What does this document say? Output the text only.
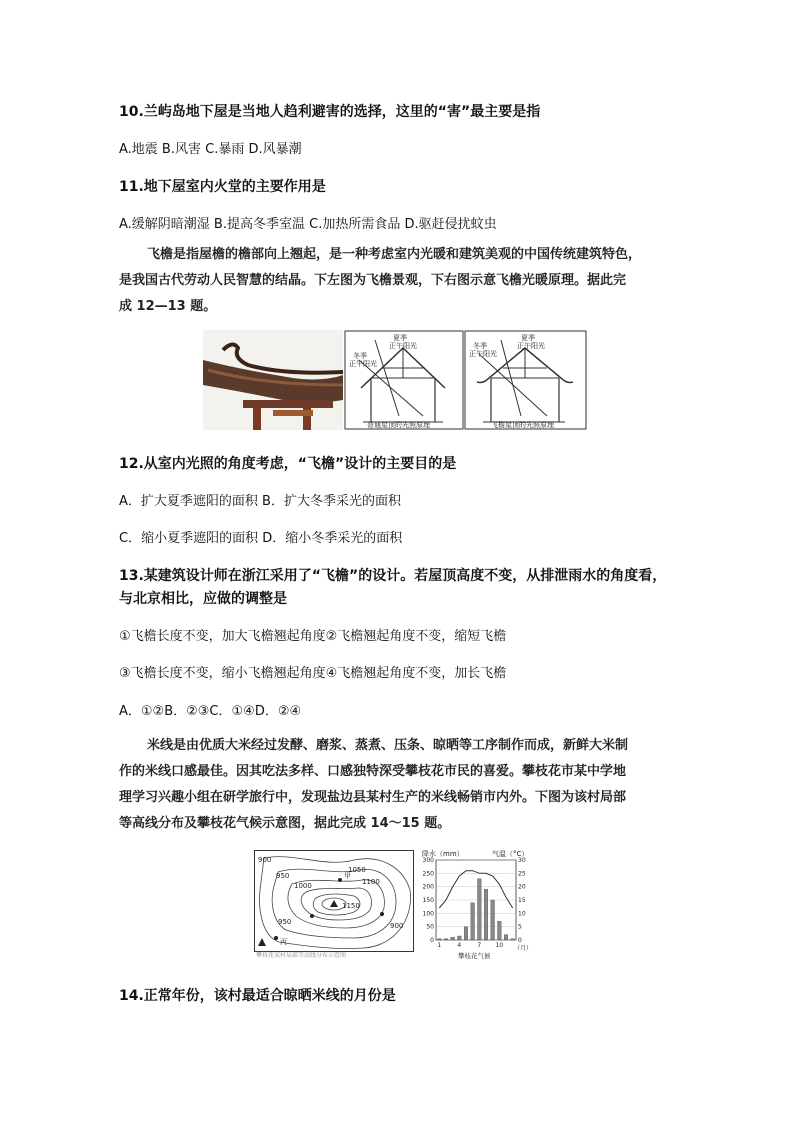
10.兰屿岛地下屋是当地人趋利避害的选择，这里的“害”最主要是指
A.地震 B.风害 C.暴雨 D.风暴潮
11.地下屋室内火堂的主要作用是
A.缓解阴暗潮湿 B.提高冬季室温 C.加热所需食品 D.驱赶侵扰蚊虫

飞檐是指屋檐的檐部向上翘起，是一种考虑室内光暖和建筑美观的中国传统建筑特色，

是我国古代劳动人民智慧的结晶。下左图为飞檐景观，下右图示意飞檐光暖原理。据此完

成 12—13 题。

夏季
正午阳光
冬季
正午阳光
普通屋顶的光照原理
夏季
正午阳光
冬季
正午阳光
飞檐屋顶的光照原理
12.从室内光照的角度考虑，“飞檐”设计的主要目的是
A．扩大夏季遮阳的面积 B．扩大冬季采光的面积
C．缩小夏季遮阳的面积 D．缩小冬季采光的面积
13.某建筑设计师在浙江采用了“飞檐”的设计。若屋顶高度不变，从排泄雨水的角度看，
与北京相比，应做的调整是
①飞檐长度不变，加大飞檐翘起角度②飞檐翘起角度不变，缩短飞檐
③飞檐长度不变，缩小飞檐翘起角度④飞檐翘起角度不变，加长飞檐
A．①②B．②③C．①④D．②④

米线是由优质大米经过发酵、磨浆、蒸煮、压条、晾晒等工序制作而成，新鲜大米制

作的米线口感最佳。因其吃法多样、口感独特深受攀枝花市民的喜爱。攀枝花市某中学地

理学习兴趣小组在研学旅行中，发现盐边县某村生产的米线畅销市内外。下图为该村局部

等高线分布及攀枝花气候示意图，据此完成 14～15 题。

900
950
1000
1050
1100
1150
950	900
甲
丙
攀枝花某村局部等高线分布示意图
降水（mm）	气温（°C）
0
50
100
150
200
250
300
0
5
10
15
20
25
30
1	4	7 10 （月）
攀枝花气候
14.正常年份，该村最适合晾晒米线的月份是
